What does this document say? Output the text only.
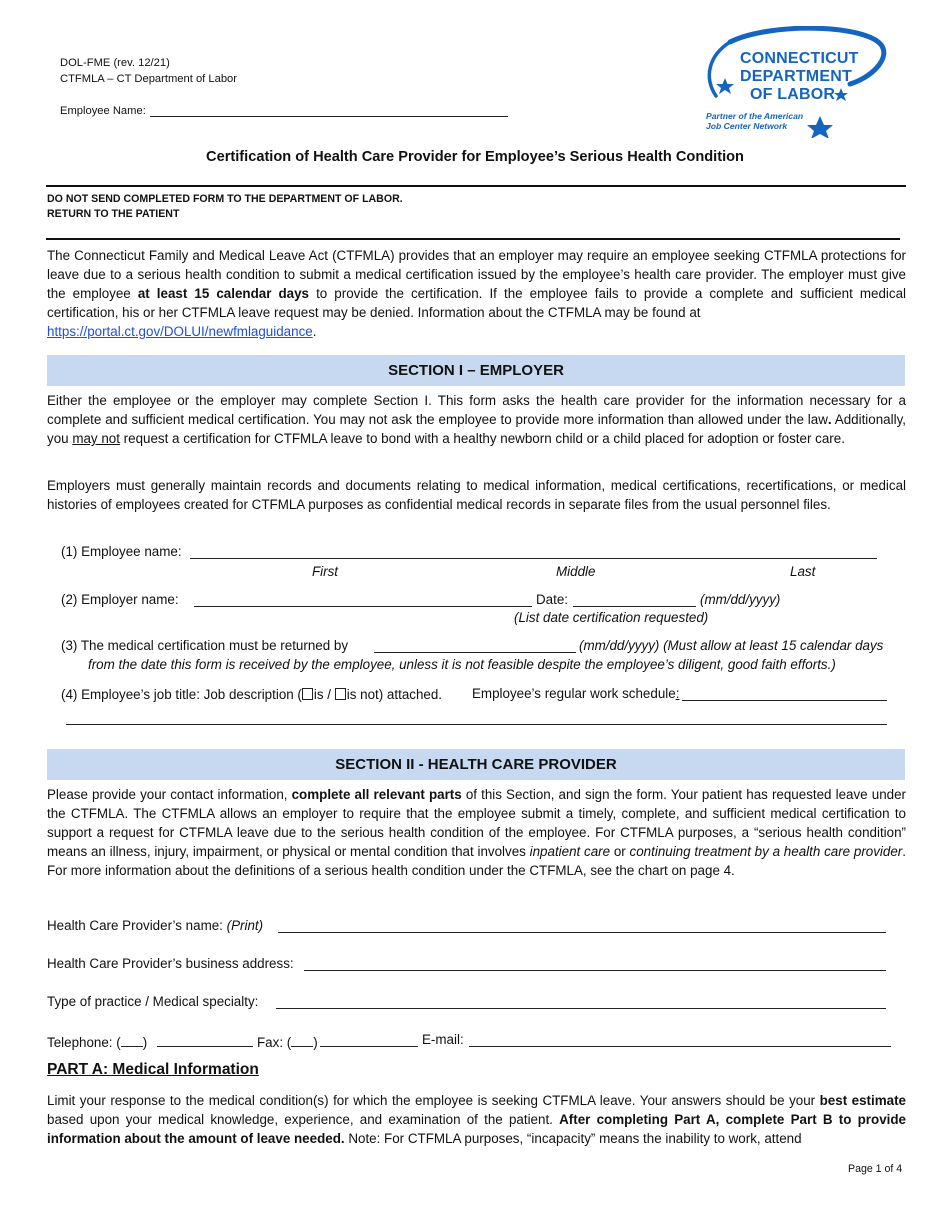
DOL-FME (rev. 12/21)
CTFMLA – CT Department of Labor
Employee Name:
CONNECTICUT
DEPARTMENT
OF LABOR
Partner of the American
Job Center Network
Certification of Health Care Provider for Employee’s Serious Health Condition
DO NOT SEND COMPLETED FORM TO THE DEPARTMENT OF LABOR.
RETURN TO THE PATIENT
The Connecticut Family and Medical Leave Act (CTFMLA) provides that an employer may require an employee seeking CTFMLA protections for leave due to a serious health condition to submit a medical certification issued by the employee’s health care provider. The employer must give the employee at least 15 calendar days to provide the certification. If the employee fails to provide a complete and sufficient medical certification, his or her CTFMLA leave request may be denied. Information about the CTFMLA may be found at
https://portal.ct.gov/DOLUI/newfmlaguidance.
SECTION I – EMPLOYER
Either the employee or the employer may complete Section I. This form asks the health care provider for the information necessary for a complete and sufficient medical certification. You may not ask the employee to provide more information than allowed under the law. Additionally, you may not request a certification for CTFMLA leave to bond with a healthy newborn child or a child placed for adoption or foster care.
Employers must generally maintain records and documents relating to medical information, medical certifications, recertifications, or medical histories of employees created for CTFMLA purposes as confidential medical records in separate files from the usual personnel files.
(1) Employee name:
First	Middle	Last
(2) Employer name:	Date:	(mm/dd/yyyy)
(List date certification requested)
(3) The medical certification must be returned by	(mm/dd/yyyy) (Must allow at least 15 calendar days
from the date this form is received by the employee, unless it is not feasible despite the employee’s diligent, good faith efforts.)
(4) Employee’s job title: Job description ( is / is not) attached. Employee’s regular work schedule:
SECTION II - HEALTH CARE PROVIDER
Please provide your contact information, complete all relevant parts of this Section, and sign the form. Your patient has requested leave under the CTFMLA. The CTFMLA allows an employer to require that the employee submit a timely, complete, and sufficient medical certification to support a request for CTFMLA leave due to the serious health condition of the employee. For CTFMLA purposes, a “serious health condition” means an illness, injury, impairment, or physical or mental condition that involves inpatient care or continuing treatment by a health care provider. For more information about the definitions of a serious health condition under the CTFMLA, see the chart on page 4.
Health Care Provider’s name: (Print)
Health Care Provider’s business address:
Type of practice / Medical specialty:
Telephone: ( )	Fax: ( )	E-mail:
PART A: Medical Information
Limit your response to the medical condition(s) for which the employee is seeking CTFMLA leave. Your answers should be your best estimate based upon your medical knowledge, experience, and examination of the patient. After completing Part A, complete Part B to provide information about the amount of leave needed. Note: For CTFMLA purposes, “incapacity” means the inability to work, attend
Page 1 of 4
